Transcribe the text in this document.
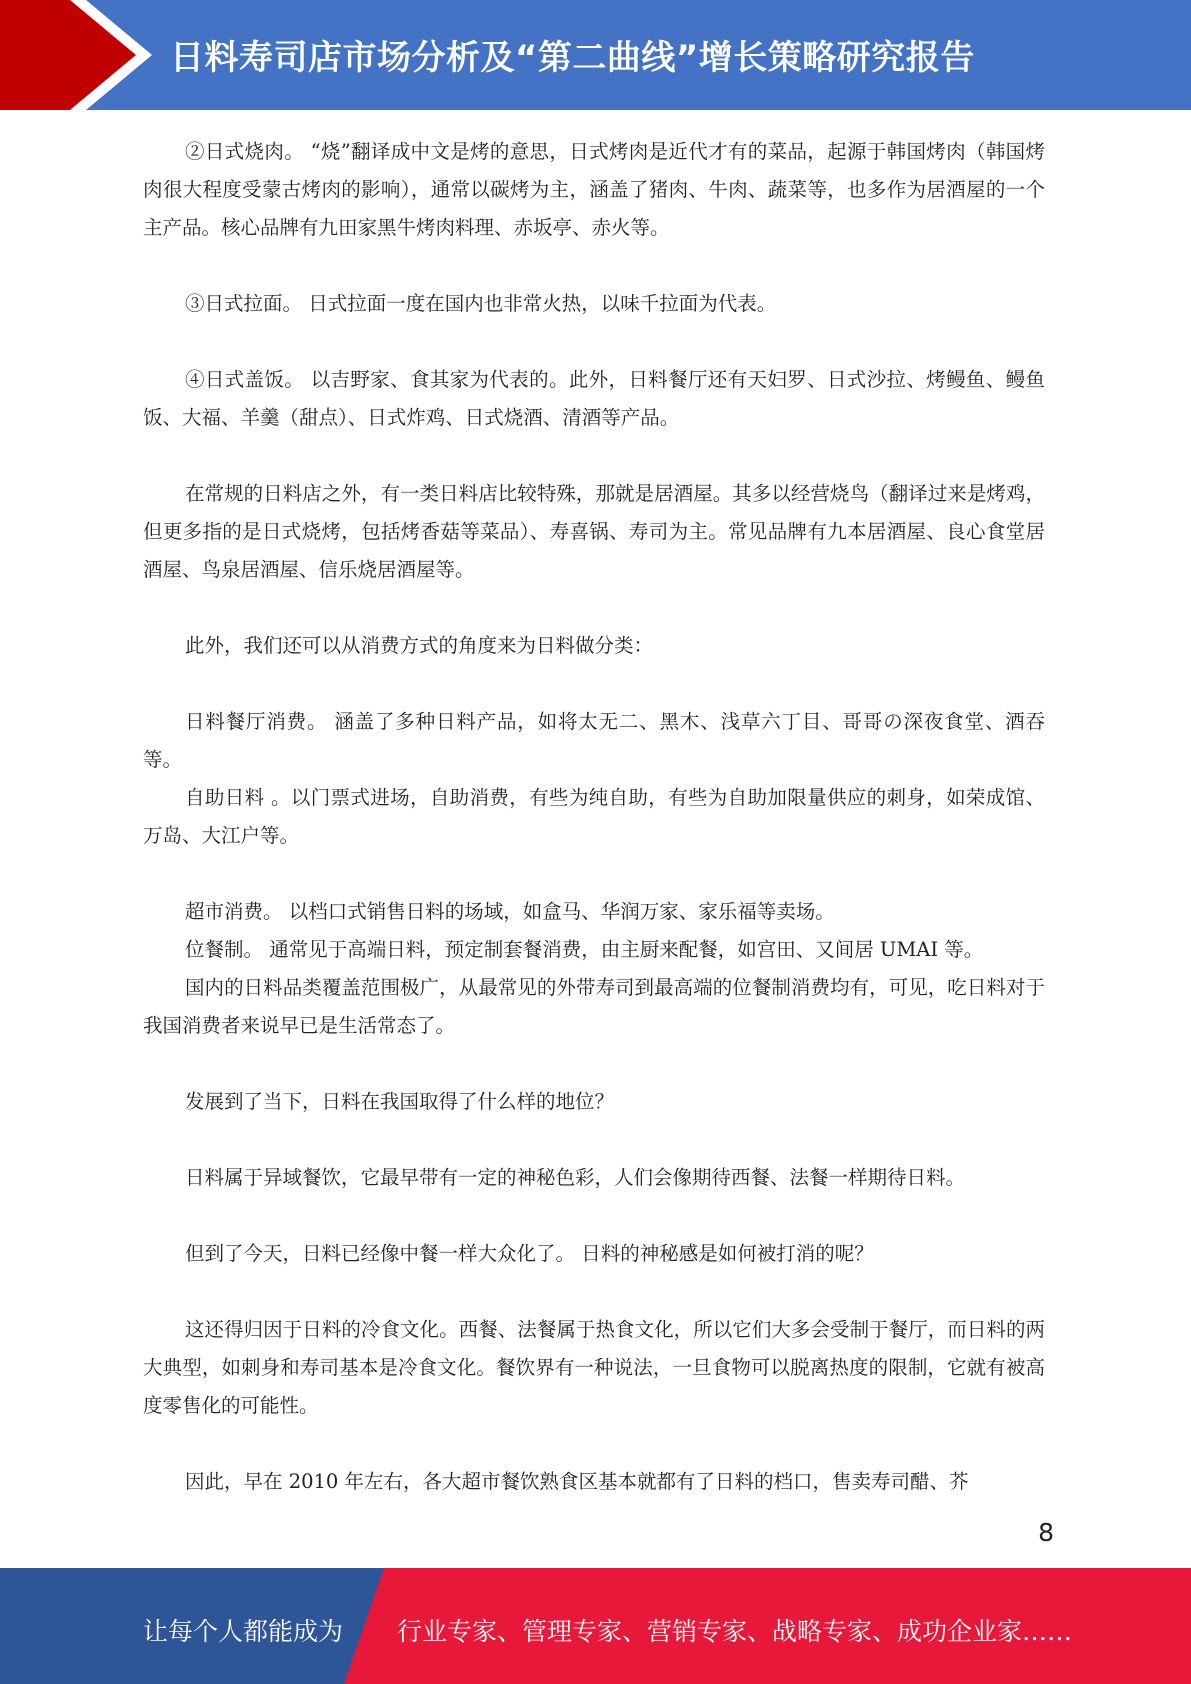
日料寿司店市场分析及“第二曲线”增长策略研究报告

②日式烧肉。 “烧”翻译成中文是烤的意思，日式烤肉是近代才有的菜品，起源于韩国烤肉（韩国烤肉很大程度受蒙古烤肉的影响），通常以碳烤为主，涵盖了猪肉、牛肉、蔬菜等，也多作为居酒屋的一个主产品。核心品牌有九田家黑牛烤肉料理、赤坂亭、赤火等。

③日式拉面。 日式拉面一度在国内也非常火热，以味千拉面为代表。

④日式盖饭。 以吉野家、食其家为代表的。此外，日料餐厅还有天妇罗、日式沙拉、烤鳗鱼、鳗鱼饭、大福、羊羹（甜点）、日式炸鸡、日式烧酒、清酒等产品。

在常规的日料店之外，有一类日料店比较特殊，那就是居酒屋。其多以经营烧鸟（翻译过来是烤鸡，但更多指的是日式烧烤，包括烤香菇等菜品）、寿喜锅、寿司为主。常见品牌有九本居酒屋、良心食堂居酒屋、鸟泉居酒屋、信乐烧居酒屋等。

此外，我们还可以从消费方式的角度来为日料做分类：

日料餐厅消费。 涵盖了多种日料产品，如将太无二、黑木、浅草六丁目、哥哥の深夜食堂、酒吞等。

自助日料 。以门票式进场，自助消费，有些为纯自助，有些为自助加限量供应的刺身，如荣成馆、万岛、大江户等。

超市消费。 以档口式销售日料的场域，如盒马、华润万家、家乐福等卖场。

位餐制。 通常见于高端日料，预定制套餐消费，由主厨来配餐，如宫田、又间居 UMAI 等。

国内的日料品类覆盖范围极广，从最常见的外带寿司到最高端的位餐制消费均有，可见，吃日料对于我国消费者来说早已是生活常态了。

发展到了当下，日料在我国取得了什么样的地位？

日料属于异域餐饮，它最早带有一定的神秘色彩，人们会像期待西餐、法餐一样期待日料。

但到了今天，日料已经像中餐一样大众化了。 日料的神秘感是如何被打消的呢？

这还得归因于日料的冷食文化。西餐、法餐属于热食文化，所以它们大多会受制于餐厅，而日料的两大典型，如刺身和寿司基本是冷食文化。餐饮界有一种说法，一旦食物可以脱离热度的限制，它就有被高度零售化的可能性。

因此，早在 2010 年左右，各大超市餐饮熟食区基本就都有了日料的档口，售卖寿司醋、芥

8
让每个人都能成为 行业专家、管理专家、营销专家、战略专家、成功企业家……
